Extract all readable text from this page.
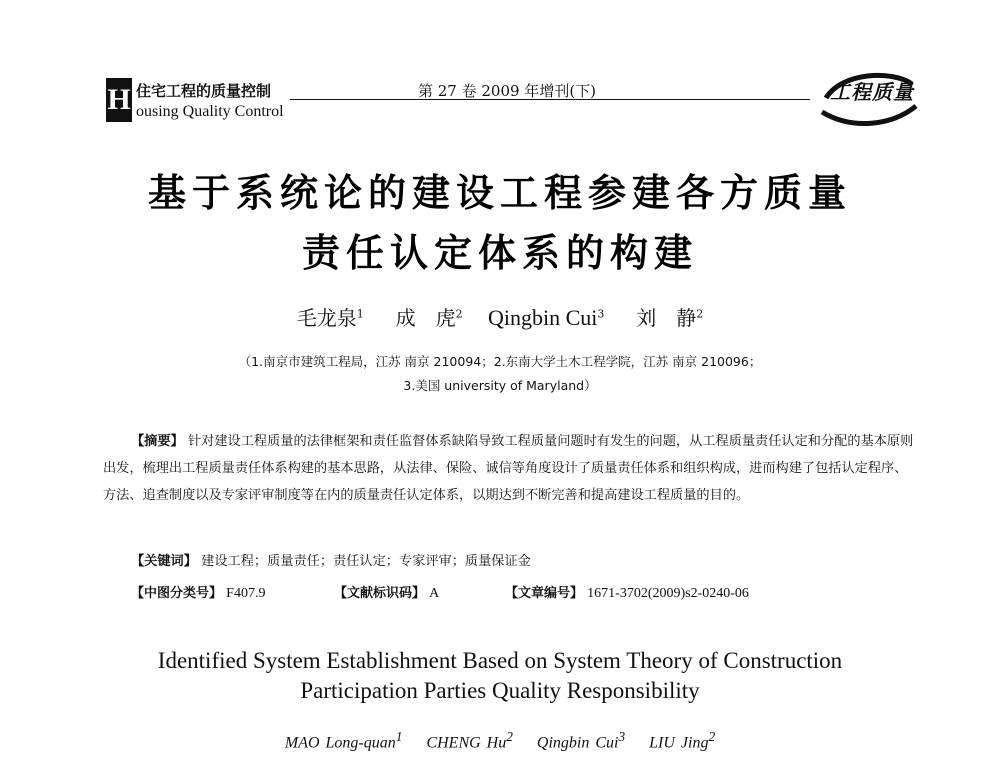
H 住宅工程的质量控制
ousing Quality Control
第 27 卷 2009 年增刊(下)	工程质量
基于系统论的建设工程参建各方质量
责任认定体系的构建
毛龙泉$^1$ 成　虎$^2$ Qingbin Cui$^3$ 刘　静$^2$
（1.南京市建筑工程局，江苏 南京 210094；2.东南大学土木工程学院，江苏 南京 210096；
3.美国 university of Maryland）
【摘要】 针对建设工程质量的法律框架和责任监督体系缺陷导致工程质量问题时有发生的问题，从工程质量责任认定和分配的基本原则出发，梳理出工程质量责任体系构建的基本思路，从法律、保险、诚信等角度设计了质量责任体系和组织构成，进而构建了包括认定程序、方法、追查制度以及专家评审制度等在内的质量责任认定体系，以期达到不断完善和提高建设工程质量的目的。
【关键词】 建设工程；质量责任；责任认定；专家评审；质量保证金
【中图分类号】 F407.9	【文献标识码】 A	【文章编号】 1671-3702(2009)s2-0240-06
Identified System Establishment Based on System Theory of Construction
Participation Parties Quality Responsibility
MAO Long-quan$^1$ CHENG Hu$^2$ Qingbin Cui$^3$ LIU Jing$^2$
